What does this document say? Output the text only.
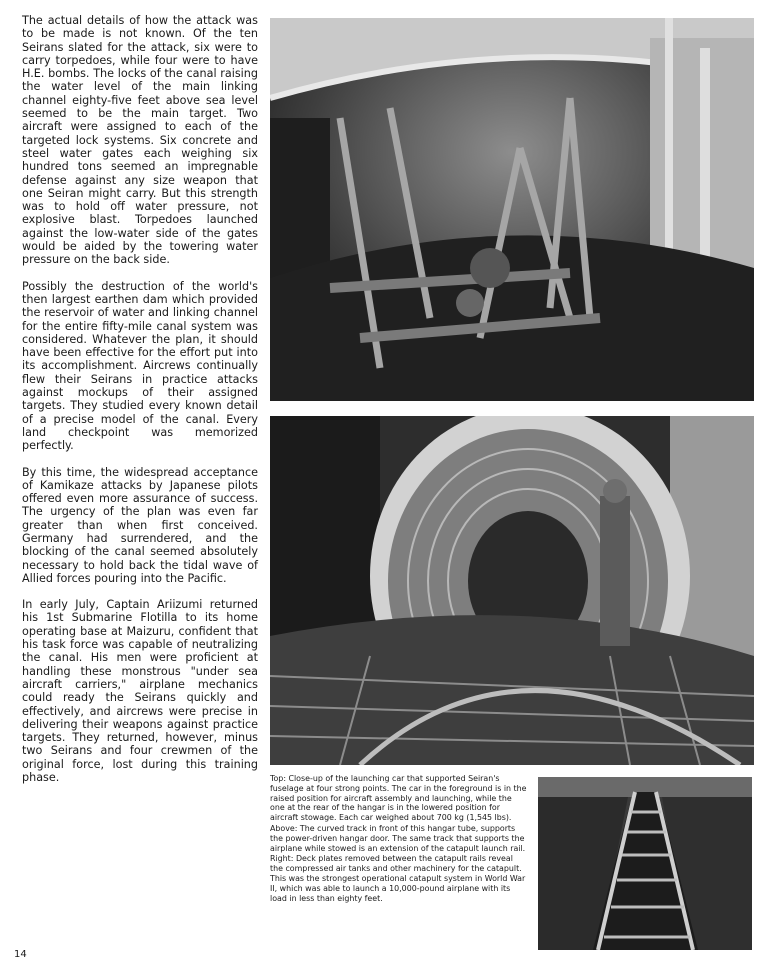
The actual details of how the attack was to be made is not known. Of the ten Seirans slated for the attack, six were to carry torpedoes, while four were to have H.E. bombs. The locks of the canal raising the water level of the main linking channel eighty-five feet above sea level seemed to be the main target. Two aircraft were assigned to each of the targeted lock systems. Six concrete and steel water gates each weighing six hundred tons seemed an impregnable defense against any size weapon that one Seiran might carry. But this strength was to hold off water pressure, not explosive blast. Torpedoes launched against the low-water side of the gates would be aided by the towering water pressure on the back side.

Possibly the destruction of the world's then largest earthen dam which provided the reservoir of water and linking channel for the entire fifty-mile canal system was considered. Whatever the plan, it should have been effective for the effort put into its accomplishment. Aircrews continually flew their Seirans in practice attacks against mockups of their assigned targets. They studied every known detail of a precise model of the canal. Every land checkpoint was memorized perfectly.

By this time, the widespread acceptance of Kamikaze attacks by Japanese pilots offered even more assurance of success. The urgency of the plan was even far greater than when first conceived. Germany had surrendered, and the blocking of the canal seemed absolutely necessary to hold back the tidal wave of Allied forces pouring into the Pacific.

In early July, Captain Ariizumi returned his 1st Submarine Flotilla to its home operating base at Maizuru, confident that his task force was capable of neutralizing the canal. His men were proficient at handling these monstrous "under sea aircraft carriers," airplane mechanics could ready the Seirans quickly and effectively, and aircrews were precise in delivering their weapons against practice targets. They returned, however, minus two Seirans and four crewmen of the original force, lost during this training phase.	Top: Close-up of the launching car that supported Seiran's fuselage at four strong points. The car in the foreground is in the raised position for aircraft assembly and launching, while the one at the rear of the hangar is in the lowered position for aircraft stowage. Each car weighed about 700 kg (1,545 lbs).

Above: The curved track in front of this hangar tube, supports the power-driven hangar door. The same track that supports the airplane while stowed is an extension of the catapult launch rail.

Right: Deck plates removed between the catapult rails reveal the compressed air tanks and other machinery for the catapult. This was the strongest operational catapult system in World War II, which was able to launch a 10,000-pound airplane with its load in less than eighty feet.

14
